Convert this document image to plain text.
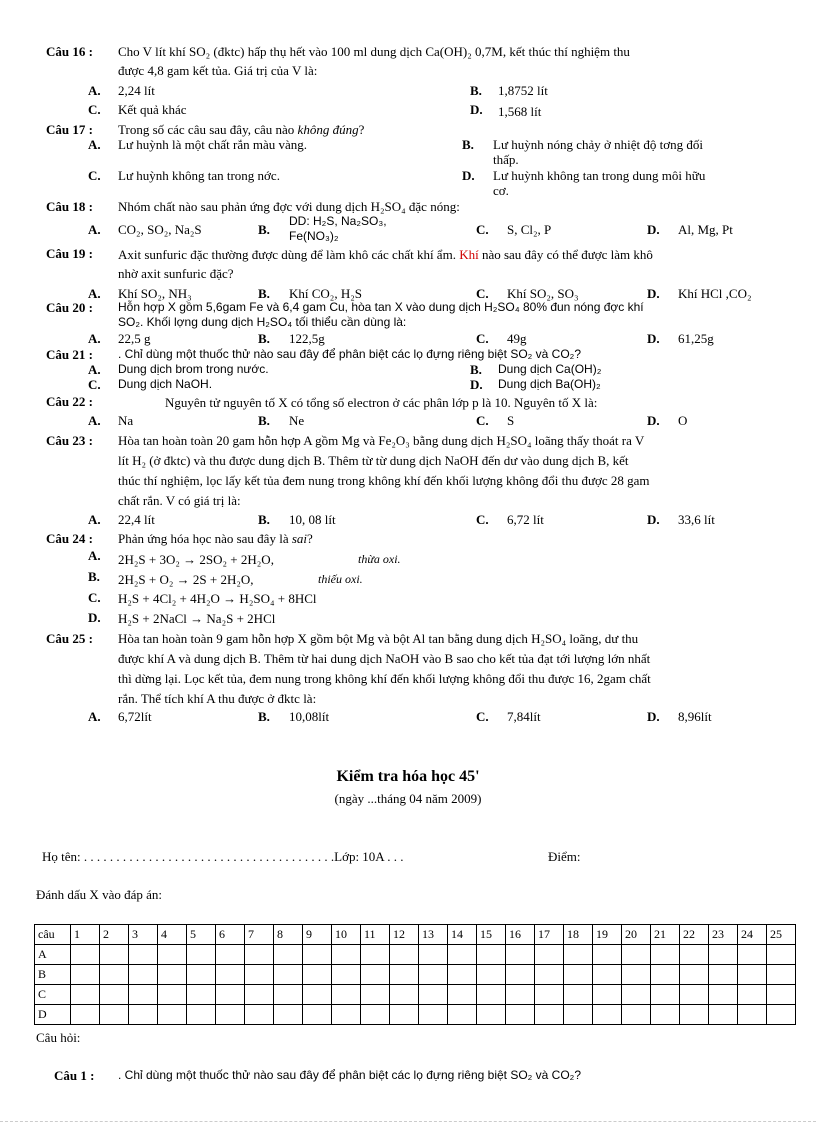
Câu 16 : Cho V lít khí SO₂ (đktc) hấp thụ hết vào 100 ml dung dịch Ca(OH)₂ 0,7M, kết thúc thí nghiệm thu
được 4,8 gam kết tủa. Giá trị của V là:
A. 2,24 lít	B. 1,8752 lít
C. Kết quả khác	D. 1,568 lít
Câu 17 : Trong số các câu sau đây, câu nào không đúng?
A. Lư huỳnh là một chất rắn màu vàng.	B. Lư huỳnh nóng chảy ở nhiệt độ tơng đối
thấp.
C. Lư huỳnh không tan trong nớc.	D. Lư huỳnh không tan trong dung môi hữu
cơ.
Câu 18 : Nhóm chất nào sau phản ứng đợc với dung dịch H₂SO₄ đặc nóng:
A. CO₂, SO₂, Na₂S	B.
DD: H₂S, Na₂SO₃,
Fe(NO₃)₂	C. S, Cl₂, P	D. Al, Mg, Pt
Câu 19 : Axit sunfuric đặc thường được dùng để làm khô các chất khí ẩm. Khí nào sau đây có thể được làm khô
nhờ axit sunfuric đặc?
A. Khí SO₂, NH₃	B. Khí CO₂, H₂S	C. Khí SO₂, SO₃	D. Khí HCl ,CO₂
Câu 20 : Hỗn hợp X gồm 5,6gam Fe và 6,4 gam Cu, hòa tan X vào dung dịch H₂SO₄ 80% đun nóng đợc khí
SO₂. Khối lợng dung dịch H₂SO₄ tối thiểu cần dùng là:
A. 22,5 g	B. 122,5g	C. 49g	D. 61,25g
Câu 21 : . Chỉ dùng một thuốc thử nào sau đây để phân biệt các lọ đựng riêng biệt SO₂ và CO₂?
A. Dung dịch brom trong nước.	B. Dung dịch Ca(OH)₂
C. Dung dịch NaOH.	D. Dung dịch Ba(OH)₂
Câu 22 :	Nguyên tử nguyên tố X có tổng số electron ở các phân lớp p là 10. Nguyên tố X là:
A. Na	B. Ne	C. S	D. O
Câu 23 : Hòa tan hoàn toàn 20 gam hỗn hợp A gồm Mg và Fe₂O₃ bằng dung dịch H₂SO₄ loãng thấy thoát ra V
lít H₂ (ở đktc) và thu được dung dịch B. Thêm từ từ dung dịch NaOH đến dư vào dung dịch B, kết
thúc thí nghiệm, lọc lấy kết tủa đem nung trong không khí đến khối lượng không đổi thu được 28 gam
chất rắn. V có giá trị là:
A. 22,4 lít	B. 10, 08 lít	C. 6,72 lít	D. 33,6 lít
Câu 24 : Phản ứng hóa học nào sau đây là sai?
A. 2H₂S + 3O₂ → 2SO₂ + 2H₂O,	thừa oxi.
B. 2H₂S + O₂ → 2S + 2H₂O,	thiếu oxi.
C. H₂S + 4Cl₂ + 4H₂O → H₂SO₄ + 8HCl
D. H₂S + 2NaCl → Na₂S + 2HCl
Câu 25 : Hòa tan hoàn toàn 9 gam hỗn hợp X gồm bột Mg và bột Al tan bằng dung dịch H₂SO₄ loãng, dư thu
được khí A và dung dịch B. Thêm từ hai dung dịch NaOH vào B sao cho kết tủa đạt tới lượng lớn nhất
thì dừng lại. Lọc kết tủa, đem nung trong không khí đến khối lượng không đổi thu được 16, 2gam chất
rắn. Thể tích khí A thu được ở đktc là:
A. 6,72lít	B. 10,08lít	C. 7,84lít	D. 8,96lít
Kiểm tra hóa học 45'
(ngày ...tháng 04 năm 2009)
Họ tên: . . . . . . . . . . . . . . . . . . . . . . . . . . . . . . . . . . . . . . .Lớp: 10A . . .	Điểm:
Đánh dấu X vào đáp án:
câu	1	2	3	4	5	6	7	8	9	10	11	12	13	14	15	16	17	18	19	20	21	22	23	24	25
A																									
B																									
C																									
D																									
Câu hỏi:
Câu 1 : . Chỉ dùng một thuốc thử nào sau đây để phân biệt các lọ đựng riêng biệt SO₂ và CO₂?
